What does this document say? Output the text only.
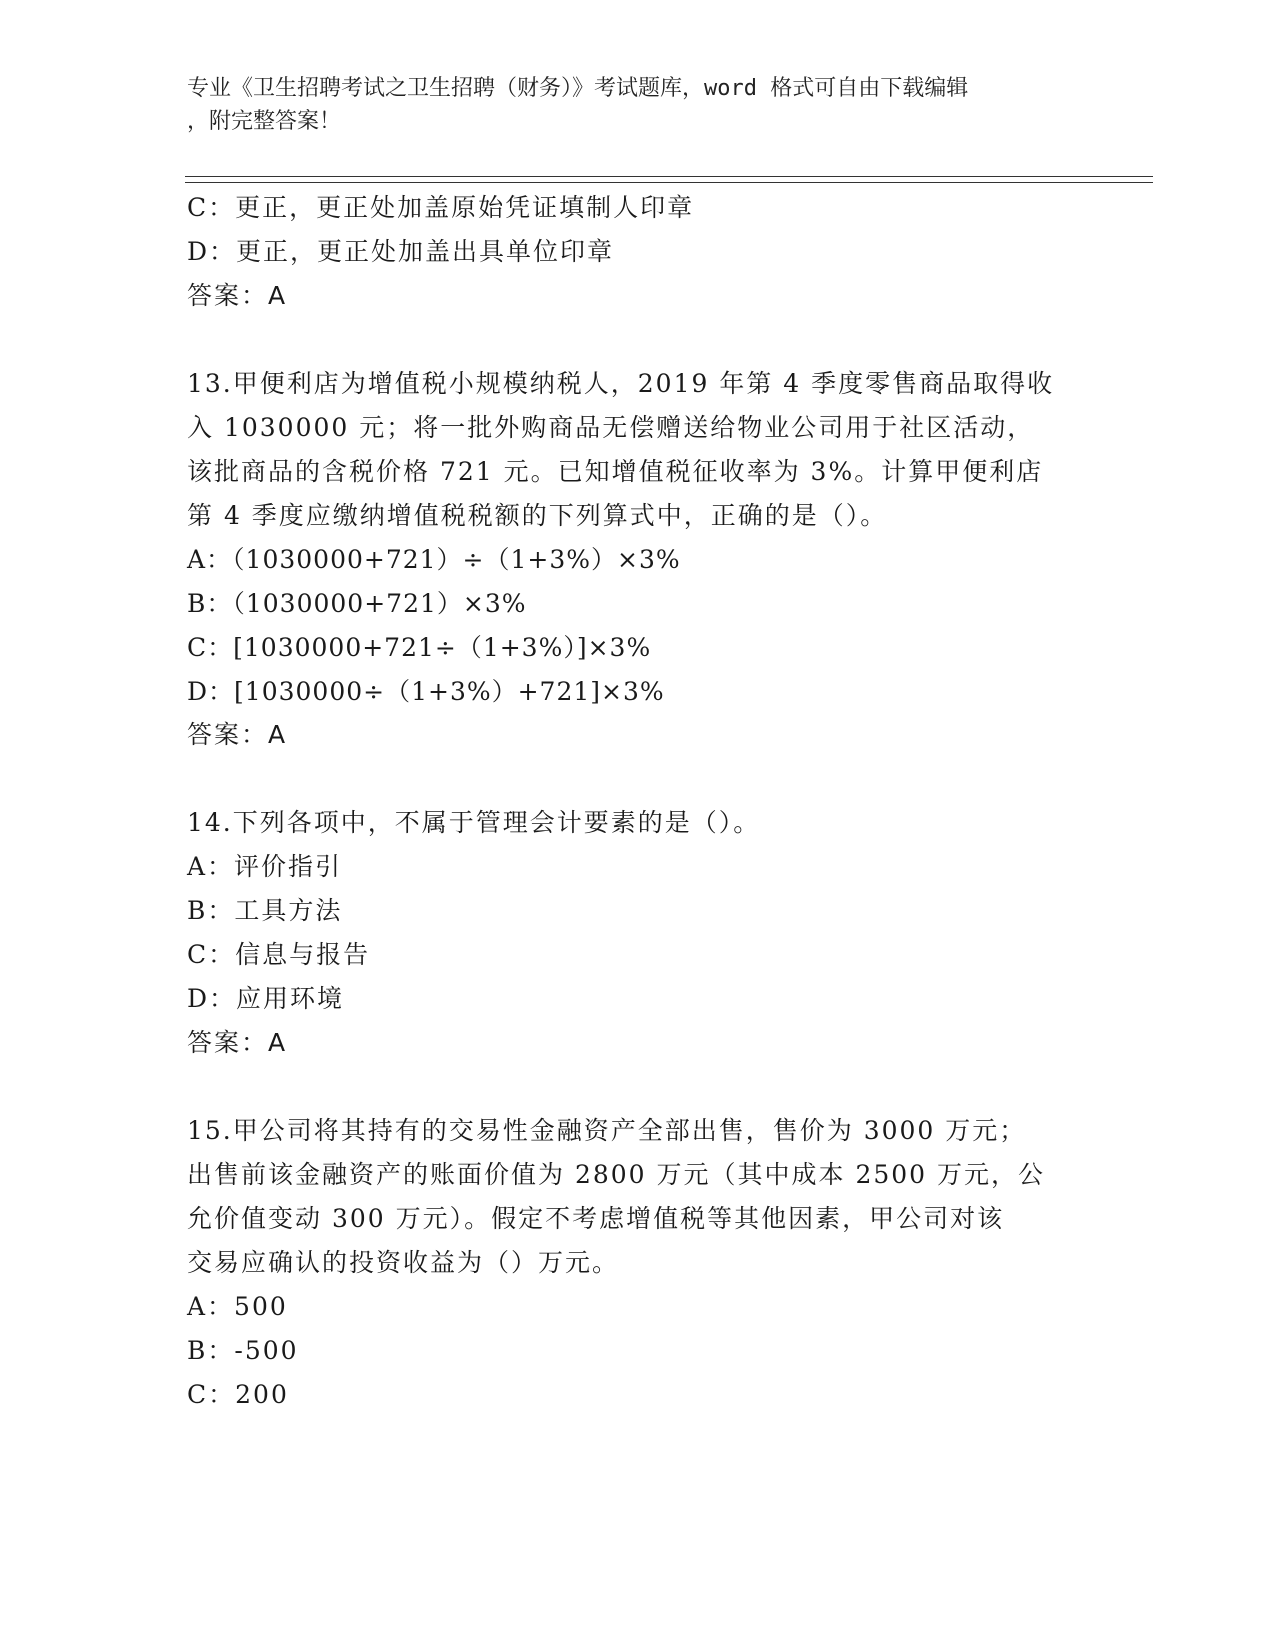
专业《卫生招聘考试之卫生招聘（财务）》考试题库，word 格式可自由下载编辑
，附完整答案！
C：更正，更正处加盖原始凭证填制人印章
D：更正，更正处加盖出具单位印章
答案：A
13.甲便利店为增值税小规模纳税人，2019 年第 4 季度零售商品取得收
入 1030000 元；将一批外购商品无偿赠送给物业公司用于社区活动，
该批商品的含税价格 721 元。已知增值税征收率为 3%。计算甲便利店
第 4 季度应缴纳增值税税额的下列算式中，正确的是（）。
A：（1030000+721）÷（1+3%）×3%
B：（1030000+721）×3%
C：[1030000+721÷（1+3%）]×3%
D：[1030000÷（1+3%）+721]×3%
答案：A
14.下列各项中，不属于管理会计要素的是（）。
A：评价指引
B：工具方法
C：信息与报告
D：应用环境
答案：A
15.甲公司将其持有的交易性金融资产全部出售，售价为 3000 万元；
出售前该金融资产的账面价值为 2800 万元（其中成本 2500 万元，公
允价值变动 300 万元）。假定不考虑增值税等其他因素，甲公司对该
交易应确认的投资收益为（）万元。
A：500
B：-500
C：200
